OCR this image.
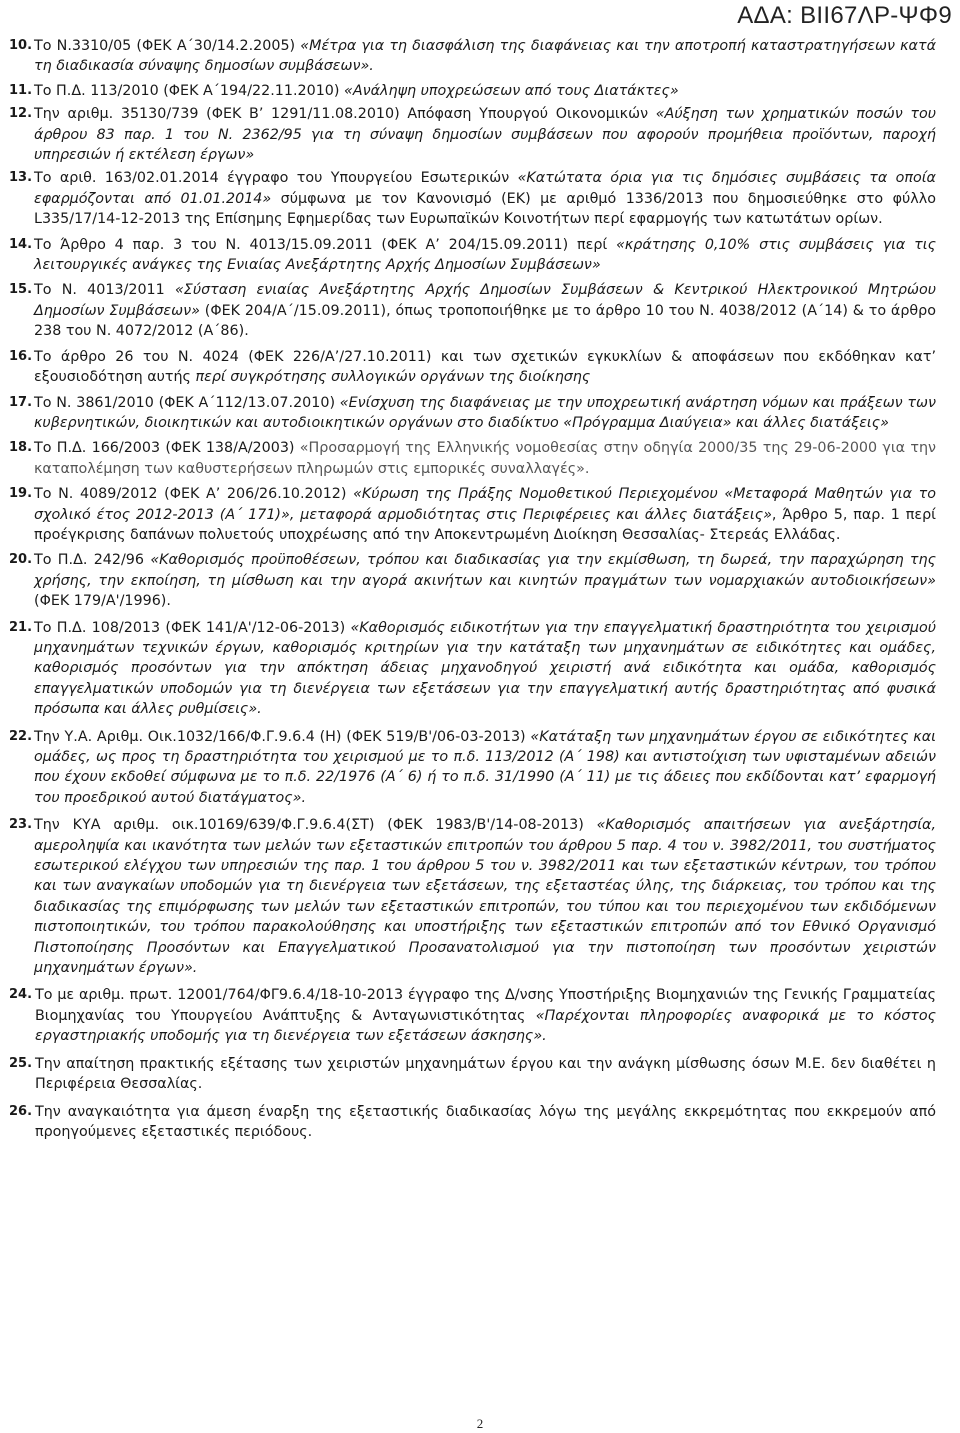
ΑΔΑ: ΒΙΙ67ΛΡ-ΨΦ9
10. Το Ν.3310/05 (ΦΕΚ Α΄30/14.2.2005) «Μέτρα για τη διασφάλιση της διαφάνειας και την αποτροπή καταστρατηγήσεων κατά τη διαδικασία σύναψης δημοσίων συμβάσεων».
11. Το Π.Δ. 113/2010 (ΦΕΚ Α΄194/22.11.2010) «Ανάληψη υποχρεώσεων από τους Διατάκτες»
12. Την αριθμ. 35130/739 (ΦΕΚ Β’ 1291/11.08.2010) Απόφαση Υπουργού Οικονομικών «Αύξηση των χρηματικών ποσών του άρθρου 83 παρ. 1 του Ν. 2362/95 για τη σύναψη δημοσίων συμβάσεων που αφορούν προμήθεια προϊόντων, παροχή υπηρεσιών ή εκτέλεση έργων»
13. Το αριθ. 163/02.01.2014 έγγραφο του Υπουργείου Εσωτερικών «Κατώτατα όρια για τις δημόσιες συμβάσεις τα οποία εφαρμόζονται από 01.01.2014» σύμφωνα με τον Κανονισμό (ΕΚ) με αριθμό 1336/2013 που δημοσιεύθηκε στο φύλλο L335/17/14-12-2013 της Επίσημης Εφημερίδας των Ευρωπαϊκών Κοινοτήτων περί εφαρμογής των κατωτάτων ορίων.
14. Το Άρθρο 4 παρ. 3 του Ν. 4013/15.09.2011 (ΦΕΚ Α’ 204/15.09.2011) περί «κράτησης 0,10% στις συμβάσεις για τις λειτουργικές ανάγκες της Ενιαίας Ανεξάρτητης Αρχής Δημοσίων Συμβάσεων»
15. Το Ν. 4013/2011 «Σύσταση ενιαίας Ανεξάρτητης Αρχής Δημοσίων Συμβάσεων & Κεντρικού Ηλεκτρονικού Μητρώου Δημοσίων Συμβάσεων» (ΦΕΚ 204/Α΄/15.09.2011), όπως τροποποιήθηκε με το άρθρο 10 του Ν. 4038/2012 (Α΄14) & το άρθρο 238 του Ν. 4072/2012 (Α΄86).
16. Το άρθρο 26 του Ν. 4024 (ΦΕΚ 226/Α’/27.10.2011) και των σχετικών εγκυκλίων & αποφάσεων που εκδόθηκαν κατ’ εξουσιοδότηση αυτής περί συγκρότησης συλλογικών οργάνων της διοίκησης
17. Το Ν. 3861/2010 (ΦΕΚ Α΄112/13.07.2010) «Ενίσχυση της διαφάνειας με την υποχρεωτική ανάρτηση νόμων και πράξεων των κυβερνητικών, διοικητικών και αυτοδιοικητικών οργάνων στο διαδίκτυο «Πρόγραμμα Διαύγεια» και άλλες διατάξεις»
18. Το Π.Δ. 166/2003 (ΦΕΚ 138/Α/2003) «Προσαρμογή της Ελληνικής νομοθεσίας στην οδηγία 2000/35 της 29-06-2000 για την καταπολέμηση των καθυστερήσεων πληρωμών στις εμπορικές συναλλαγές».
19. Το Ν. 4089/2012 (ΦΕΚ Α’ 206/26.10.2012) «Κύρωση της Πράξης Νομοθετικού Περιεχομένου «Μεταφορά Μαθητών για το σχολικό έτος 2012-2013 (Α΄ 171)», μεταφορά αρμοδιότητας στις Περιφέρειες και άλλες διατάξεις», Άρθρο 5, παρ. 1 περί προέγκρισης δαπάνων πολυετούς υποχρέωσης από την Αποκεντρωμένη Διοίκηση Θεσσαλίας- Στερεάς Ελλάδας.
20. Το Π.Δ. 242/96 «Καθορισμός προϋποθέσεων, τρόπου και διαδικασίας για την εκμίσθωση, τη δωρεά, την παραχώρηση της χρήσης, την εκποίηση, τη μίσθωση και την αγορά ακινήτων και κινητών πραγμάτων των νομαρχιακών αυτοδιοικήσεων» (ΦΕΚ 179/Α'/1996).
21. Το Π.Δ. 108/2013 (ΦΕΚ 141/Α'/12-06-2013) «Καθορισμός ειδικοτήτων για την επαγγελματική δραστηριότητα του χειρισμού μηχανημάτων τεχνικών έργων, καθορισμός κριτηρίων για την κατάταξη των μηχανημάτων σε ειδικότητες και ομάδες, καθορισμός προσόντων για την απόκτηση άδειας μηχανοδηγού χειριστή ανά ειδικότητα και ομάδα, καθορισμός επαγγελματικών υποδομών για τη διενέργεια των εξετάσεων για την επαγγελματική αυτής δραστηριότητας από φυσικά πρόσωπα και άλλες ρυθμίσεις».
22. Την Υ.Α. Αριθμ. Οικ.1032/166/Φ.Γ.9.6.4 (Η) (ΦΕΚ 519/Β'/06-03-2013) «Κατάταξη των μηχανημάτων έργου σε ειδικότητες και ομάδες, ως προς τη δραστηριότητα του χειρισμού με το π.δ. 113/2012 (Α΄ 198) και αντιστοίχιση των υφισταμένων αδειών που έχουν εκδοθεί σύμφωνα με το π.δ. 22/1976 (Α΄ 6) ή το π.δ. 31/1990 (Α΄ 11) με τις άδειες που εκδίδονται κατ’ εφαρμογή του προεδρικού αυτού διατάγματος».
23. Την ΚΥΑ αριθμ. οικ.10169/639/Φ.Γ.9.6.4(ΣΤ) (ΦΕΚ 1983/Β'/14-08-2013) «Καθορισμός απαιτήσεων για ανεξάρτησία, αμεροληψία και ικανότητα των μελών των εξεταστικών επιτροπών του άρθρου 5 παρ. 4 του ν. 3982/2011, του συστήματος εσωτερικού ελέγχου των υπηρεσιών της παρ. 1 του άρθρου 5 του ν. 3982/2011 και των εξεταστικών κέντρων, του τρόπου και των αναγκαίων υποδομών για τη διενέργεια των εξετάσεων, της εξεταστέας ύλης, της διάρκειας, του τρόπου και της διαδικασίας της επιμόρφωσης των μελών των εξεταστικών επιτροπών, του τύπου και του περιεχομένου των εκδιδόμενων πιστοποιητικών, του τρόπου παρακολούθησης και υποστήριξης των εξεταστικών επιτροπών από τον Εθνικό Οργανισμό Πιστοποίησης Προσόντων και Επαγγελματικού Προσανατολισμού για την πιστοποίηση των προσόντων χειριστών μηχανημάτων έργων».
24. Το με αριθμ. πρωτ. 12001/764/ΦΓ9.6.4/18-10-2013 έγγραφο της Δ/νσης Υποστήριξης Βιομηχανιών της Γενικής Γραμματείας Βιομηχανίας του Υπουργείου Ανάπτυξης & Ανταγωνιστικότητας «Παρέχονται πληροφορίες αναφορικά με το κόστος εργαστηριακής υποδομής για τη διενέργεια των εξετάσεων άσκησης».
25. Την απαίτηση πρακτικής εξέτασης των χειριστών μηχανημάτων έργου και την ανάγκη μίσθωσης όσων Μ.Ε. δεν διαθέτει η Περιφέρεια Θεσσαλίας.
26. Την αναγκαιότητα για άμεση έναρξη της εξεταστικής διαδικασίας λόγω της μεγάλης εκκρεμότητας που εκκρεμούν από προηγούμενες εξεταστικές περιόδους.
2
